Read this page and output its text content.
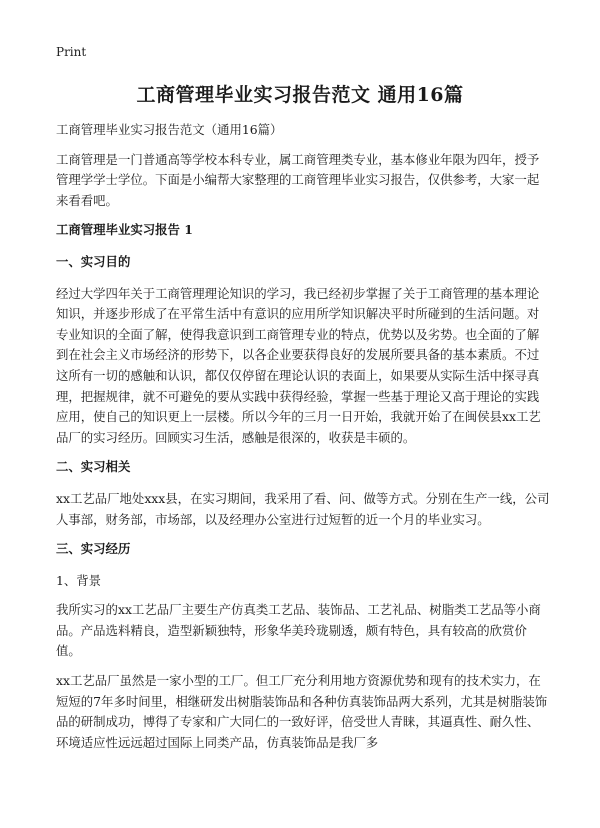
Print
工商管理毕业实习报告范文 通用16篇

工商管理毕业实习报告范文（通用16篇）

工商管理是一门普通高等学校本科专业，属工商管理类专业，基本修业年限为四年，授予管理学学士学位。下面是小编帮大家整理的工商管理毕业实习报告，仅供参考，大家一起来看看吧。

工商管理毕业实习报告 1

一、实习目的

经过大学四年关于工商管理理论知识的学习，我已经初步掌握了关于工商管理的基本理论知识，并逐步形成了在平常生活中有意识的应用所学知识解决平时所碰到的生活问题。对专业知识的全面了解，使得我意识到工商管理专业的特点，优势以及劣势。也全面的了解到在社会主义市场经济的形势下，以各企业要获得良好的发展所要具备的基本素质。不过这所有一切的感触和认识，都仅仅停留在理论认识的表面上，如果要从实际生活中探寻真理，把握规律，就不可避免的要从实践中获得经验，掌握一些基于理论又高于理论的实践应用，使自己的知识更上一层楼。所以今年的三月一日开始，我就开始了在闽侯县xx工艺品厂的实习经历。回顾实习生活，感触是很深的，收获是丰硕的。

二、实习相关

xx工艺品厂地处xxx县，在实习期间，我采用了看、问、做等方式。分别在生产一线，公司人事部，财务部，市场部，以及经理办公室进行过短暂的近一个月的毕业实习。

三、实习经历

1、背景

我所实习的xx工艺品厂主要生产仿真类工艺品、装饰品、工艺礼品、树脂类工艺品等小商品。产品选料精良，造型新颖独特，形象华美玲珑剔透，颇有特色，具有较高的欣赏价值。

xx工艺品厂虽然是一家小型的工厂。但工厂充分利用地方资源优势和现有的技术实力，在短短的7年多时间里，相继研发出树脂装饰品和各种仿真装饰品两大系列，尤其是树脂装饰品的研制成功，博得了专家和广大同仁的一致好评，倍受世人青睐，其逼真性、耐久性、环境适应性远远超过国际上同类产品，仿真装饰品是我厂多
